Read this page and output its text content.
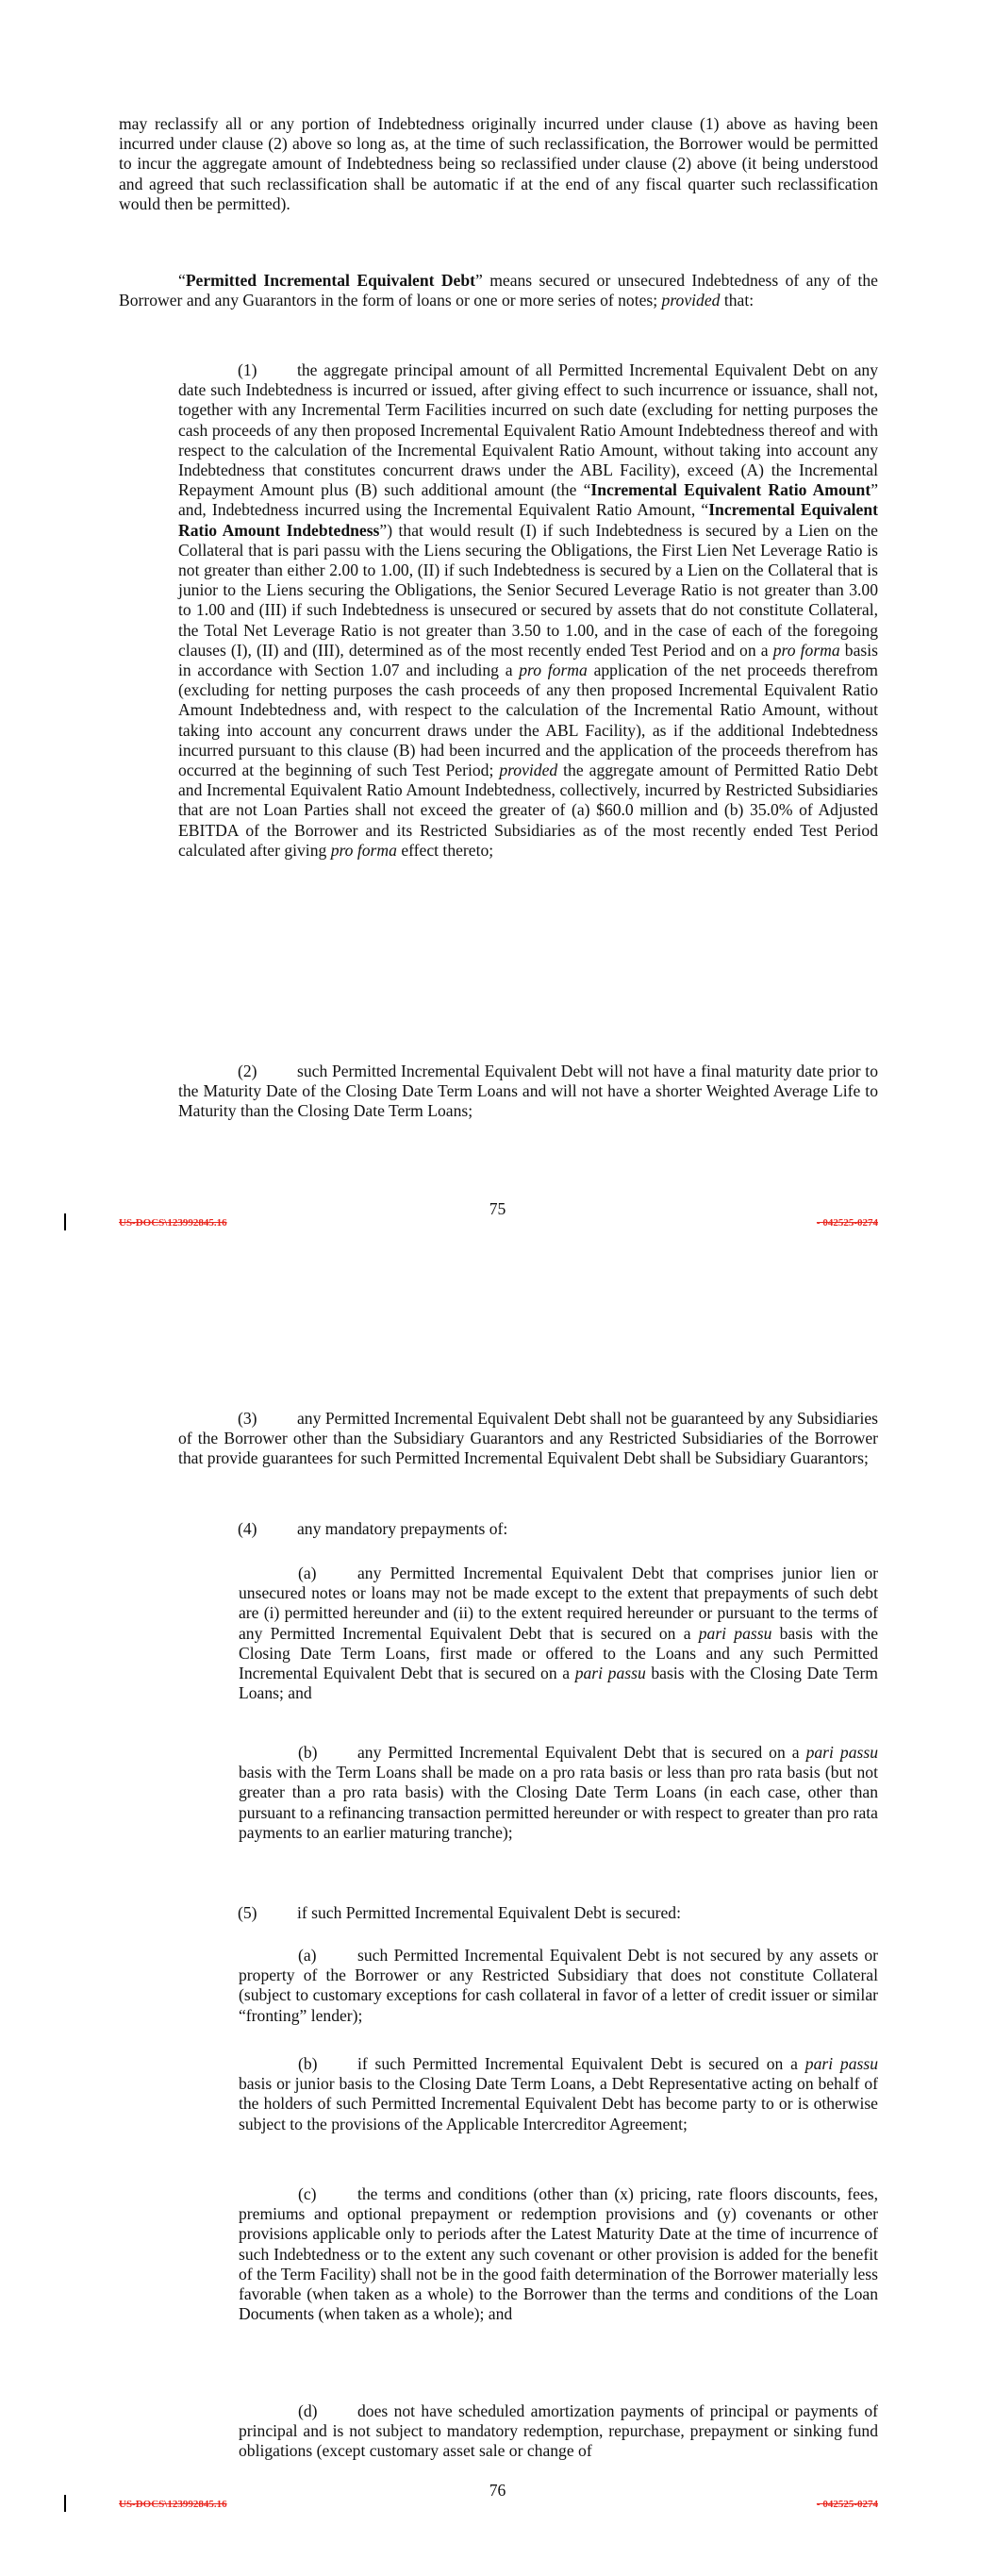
may reclassify all or any portion of Indebtedness originally incurred under clause (1) above as having been incurred under clause (2) above so long as, at the time of such reclassification, the Borrower would be permitted to incur the aggregate amount of Indebtedness being so reclassified under clause (2) above (it being understood and agreed that such reclassification shall be automatic if at the end of any fiscal quarter such reclassification would then be permitted).

“Permitted Incremental Equivalent Debt” means secured or unsecured Indebtedness of any of the Borrower and any Guarantors in the form of loans or one or more series of notes; provided that:

(1) the aggregate principal amount of all Permitted Incremental Equivalent Debt on any date such Indebtedness is incurred or issued, after giving effect to such incurrence or issuance, shall not, together with any Incremental Term Facilities incurred on such date (excluding for netting purposes the cash proceeds of any then proposed Incremental Equivalent Ratio Amount Indebtedness thereof and with respect to the calculation of the Incremental Equivalent Ratio Amount, without taking into account any Indebtedness that constitutes concurrent draws under the ABL Facility), exceed (A) the Incremental Repayment Amount plus (B) such additional amount (the “Incremental Equivalent Ratio Amount” and, Indebtedness incurred using the Incremental Equivalent Ratio Amount, “Incremental Equivalent Ratio Amount Indebtedness”) that would result (I) if such Indebtedness is secured by a Lien on the Collateral that is pari passu with the Liens securing the Obligations, the First Lien Net Leverage Ratio is not greater than either 2.00 to 1.00, (II) if such Indebtedness is secured by a Lien on the Collateral that is junior to the Liens securing the Obligations, the Senior Secured Leverage Ratio is not greater than 3.00 to 1.00 and (III) if such Indebtedness is unsecured or secured by assets that do not constitute Collateral, the Total Net Leverage Ratio is not greater than 3.50 to 1.00, and in the case of each of the foregoing clauses (I), (II) and (III), determined as of the most recently ended Test Period and on a pro forma basis in accordance with Section 1.07 and including a pro forma application of the net proceeds therefrom (excluding for netting purposes the cash proceeds of any then proposed Incremental Equivalent Ratio Amount Indebtedness and, with respect to the calculation of the Incremental Ratio Amount, without taking into account any concurrent draws under the ABL Facility), as if the additional Indebtedness incurred pursuant to this clause (B) had been incurred and the application of the proceeds therefrom has occurred at the beginning of such Test Period; provided the aggregate amount of Permitted Ratio Debt and Incremental Equivalent Ratio Amount Indebtedness, collectively, incurred by Restricted Subsidiaries that are not Loan Parties shall not exceed the greater of (a) $60.0 million and (b) 35.0% of Adjusted EBITDA of the Borrower and its Restricted Subsidiaries as of the most recently ended Test Period calculated after giving pro forma effect thereto;

(2) such Permitted Incremental Equivalent Debt will not have a final maturity date prior to the Maturity Date of the Closing Date Term Loans and will not have a shorter Weighted Average Life to Maturity than the Closing Date Term Loans;

75
US-DOCS\123992845.16	- 042525-0274

(3) any Permitted Incremental Equivalent Debt shall not be guaranteed by any Subsidiaries of the Borrower other than the Subsidiary Guarantors and any Restricted Subsidiaries of the Borrower that provide guarantees for such Permitted Incremental Equivalent Debt shall be Subsidiary Guarantors;

(4) any mandatory prepayments of:

(a) any Permitted Incremental Equivalent Debt that comprises junior lien or unsecured notes or loans may not be made except to the extent that prepayments of such debt are (i) permitted hereunder and (ii) to the extent required hereunder or pursuant to the terms of any Permitted Incremental Equivalent Debt that is secured on a pari passu basis with the Closing Date Term Loans, first made or offered to the Loans and any such Permitted Incremental Equivalent Debt that is secured on a pari passu basis with the Closing Date Term Loans; and

(b) any Permitted Incremental Equivalent Debt that is secured on a pari passu basis with the Term Loans shall be made on a pro rata basis or less than pro rata basis (but not greater than a pro rata basis) with the Closing Date Term Loans (in each case, other than pursuant to a refinancing transaction permitted hereunder or with respect to greater than pro rata payments to an earlier maturing tranche);

(5) if such Permitted Incremental Equivalent Debt is secured:

(a) such Permitted Incremental Equivalent Debt is not secured by any assets or property of the Borrower or any Restricted Subsidiary that does not constitute Collateral (subject to customary exceptions for cash collateral in favor of a letter of credit issuer or similar “fronting” lender);

(b) if such Permitted Incremental Equivalent Debt is secured on a pari passu basis or junior basis to the Closing Date Term Loans, a Debt Representative acting on behalf of the holders of such Permitted Incremental Equivalent Debt has become party to or is otherwise subject to the provisions of the Applicable Intercreditor Agreement;

(c) the terms and conditions (other than (x) pricing, rate floors discounts, fees, premiums and optional prepayment or redemption provisions and (y) covenants or other provisions applicable only to periods after the Latest Maturity Date at the time of incurrence of such Indebtedness or to the extent any such covenant or other provision is added for the benefit of the Term Facility) shall not be in the good faith determination of the Borrower materially less favorable (when taken as a whole) to the Borrower than the terms and conditions of the Loan Documents (when taken as a whole); and

(d) does not have scheduled amortization payments of principal or payments of principal and is not subject to mandatory redemption, repurchase, prepayment or sinking fund obligations (except customary asset sale or change of

76
US-DOCS\123992845.16	- 042525-0274
